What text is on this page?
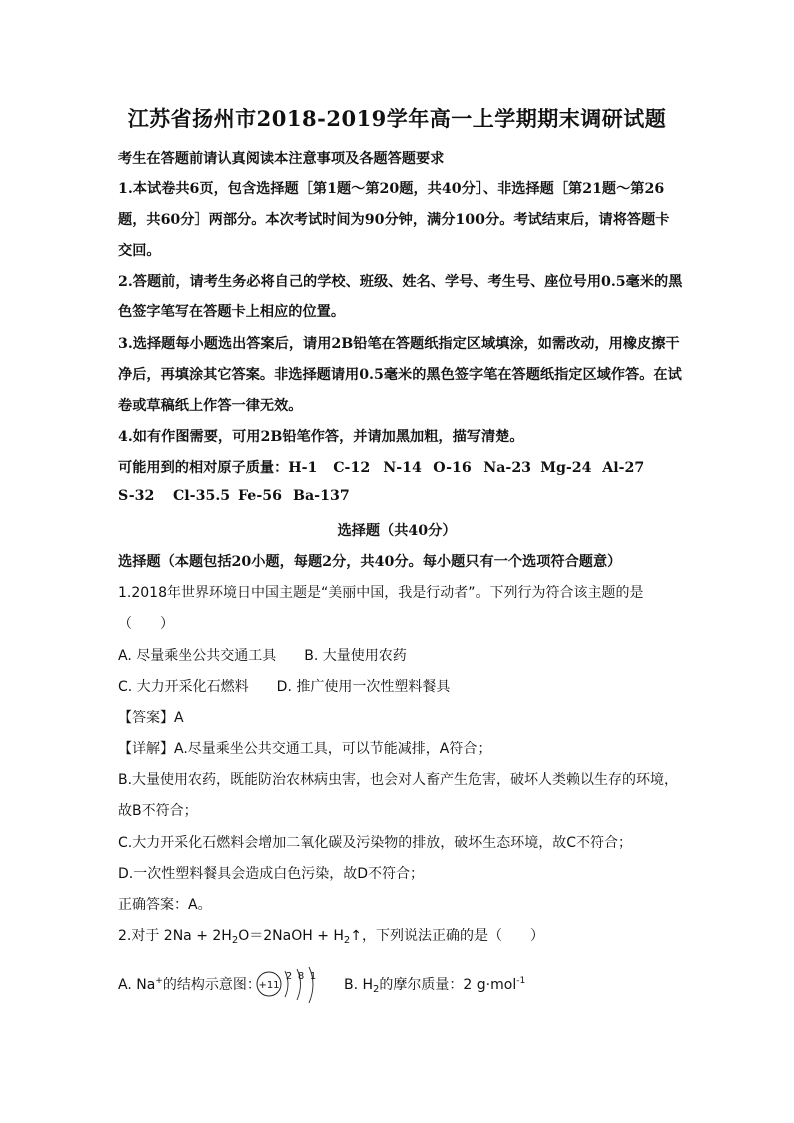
江苏省扬州市2018-2019学年高一上学期期末调研试题
考生在答题前请认真阅读本注意事项及各题答题要求
1.本试卷共6页，包含选择题［第1题～第20题，共40分］、非选择题［第21题～第26
题，共60分］两部分。本次考试时间为90分钟，满分100分。考试结束后，请将答题卡
交回。
2.答题前，请考生务必将自己的学校、班级、姓名、学号、考生号、座位号用0.5毫米的黑
色签字笔写在答题卡上相应的位置。
3.选择题每小题选出答案后，请用2B铅笔在答题纸指定区域填涂，如需改动，用橡皮擦干
净后，再填涂其它答案。非选择题请用0.5毫米的黑色签字笔在答题纸指定区域作答。在试
卷或草稿纸上作答一律无效。
4.如有作图需要，可用2B铅笔作答，并请加黑加粗，描写清楚。
可能用到的相对原子质量：H-1 C-12 N-14 O-16 Na-23 Mg-24 Al-27
S-32 Cl-35.5 Fe-56 Ba-137
选择题（共40分）
选择题（本题包括20小题，每题2分，共40分。每小题只有一个选项符合题意）
1.2018年世界环境日中国主题是“美丽中国，我是行动者”。下列行为符合该主题的是
（　　）
A. 尽量乘坐公共交通工具　　B. 大量使用农药
C. 大力开采化石燃料　　D. 推广使用一次性塑料餐具
【答案】A
【详解】A.尽量乘坐公共交通工具，可以节能减排，A符合；
B.大量使用农药，既能防治农林病虫害，也会对人畜产生危害，破坏人类赖以生存的环境，
故B不符合；
C.大力开采化石燃料会增加二氧化碳及污染物的排放，破坏生态环境，故C不符合；
D.一次性塑料餐具会造成白色污染，故D不符合；
正确答案：A。
2.对于 $2Na + 2H_2O=2NaOH$ + $H_2↑$，下列说法正确的是（　　）
A. Na+的结构示意图：
+11
2 8 1
B. $H_2$的摩尔质量：2 g·mol$^{-1}$
